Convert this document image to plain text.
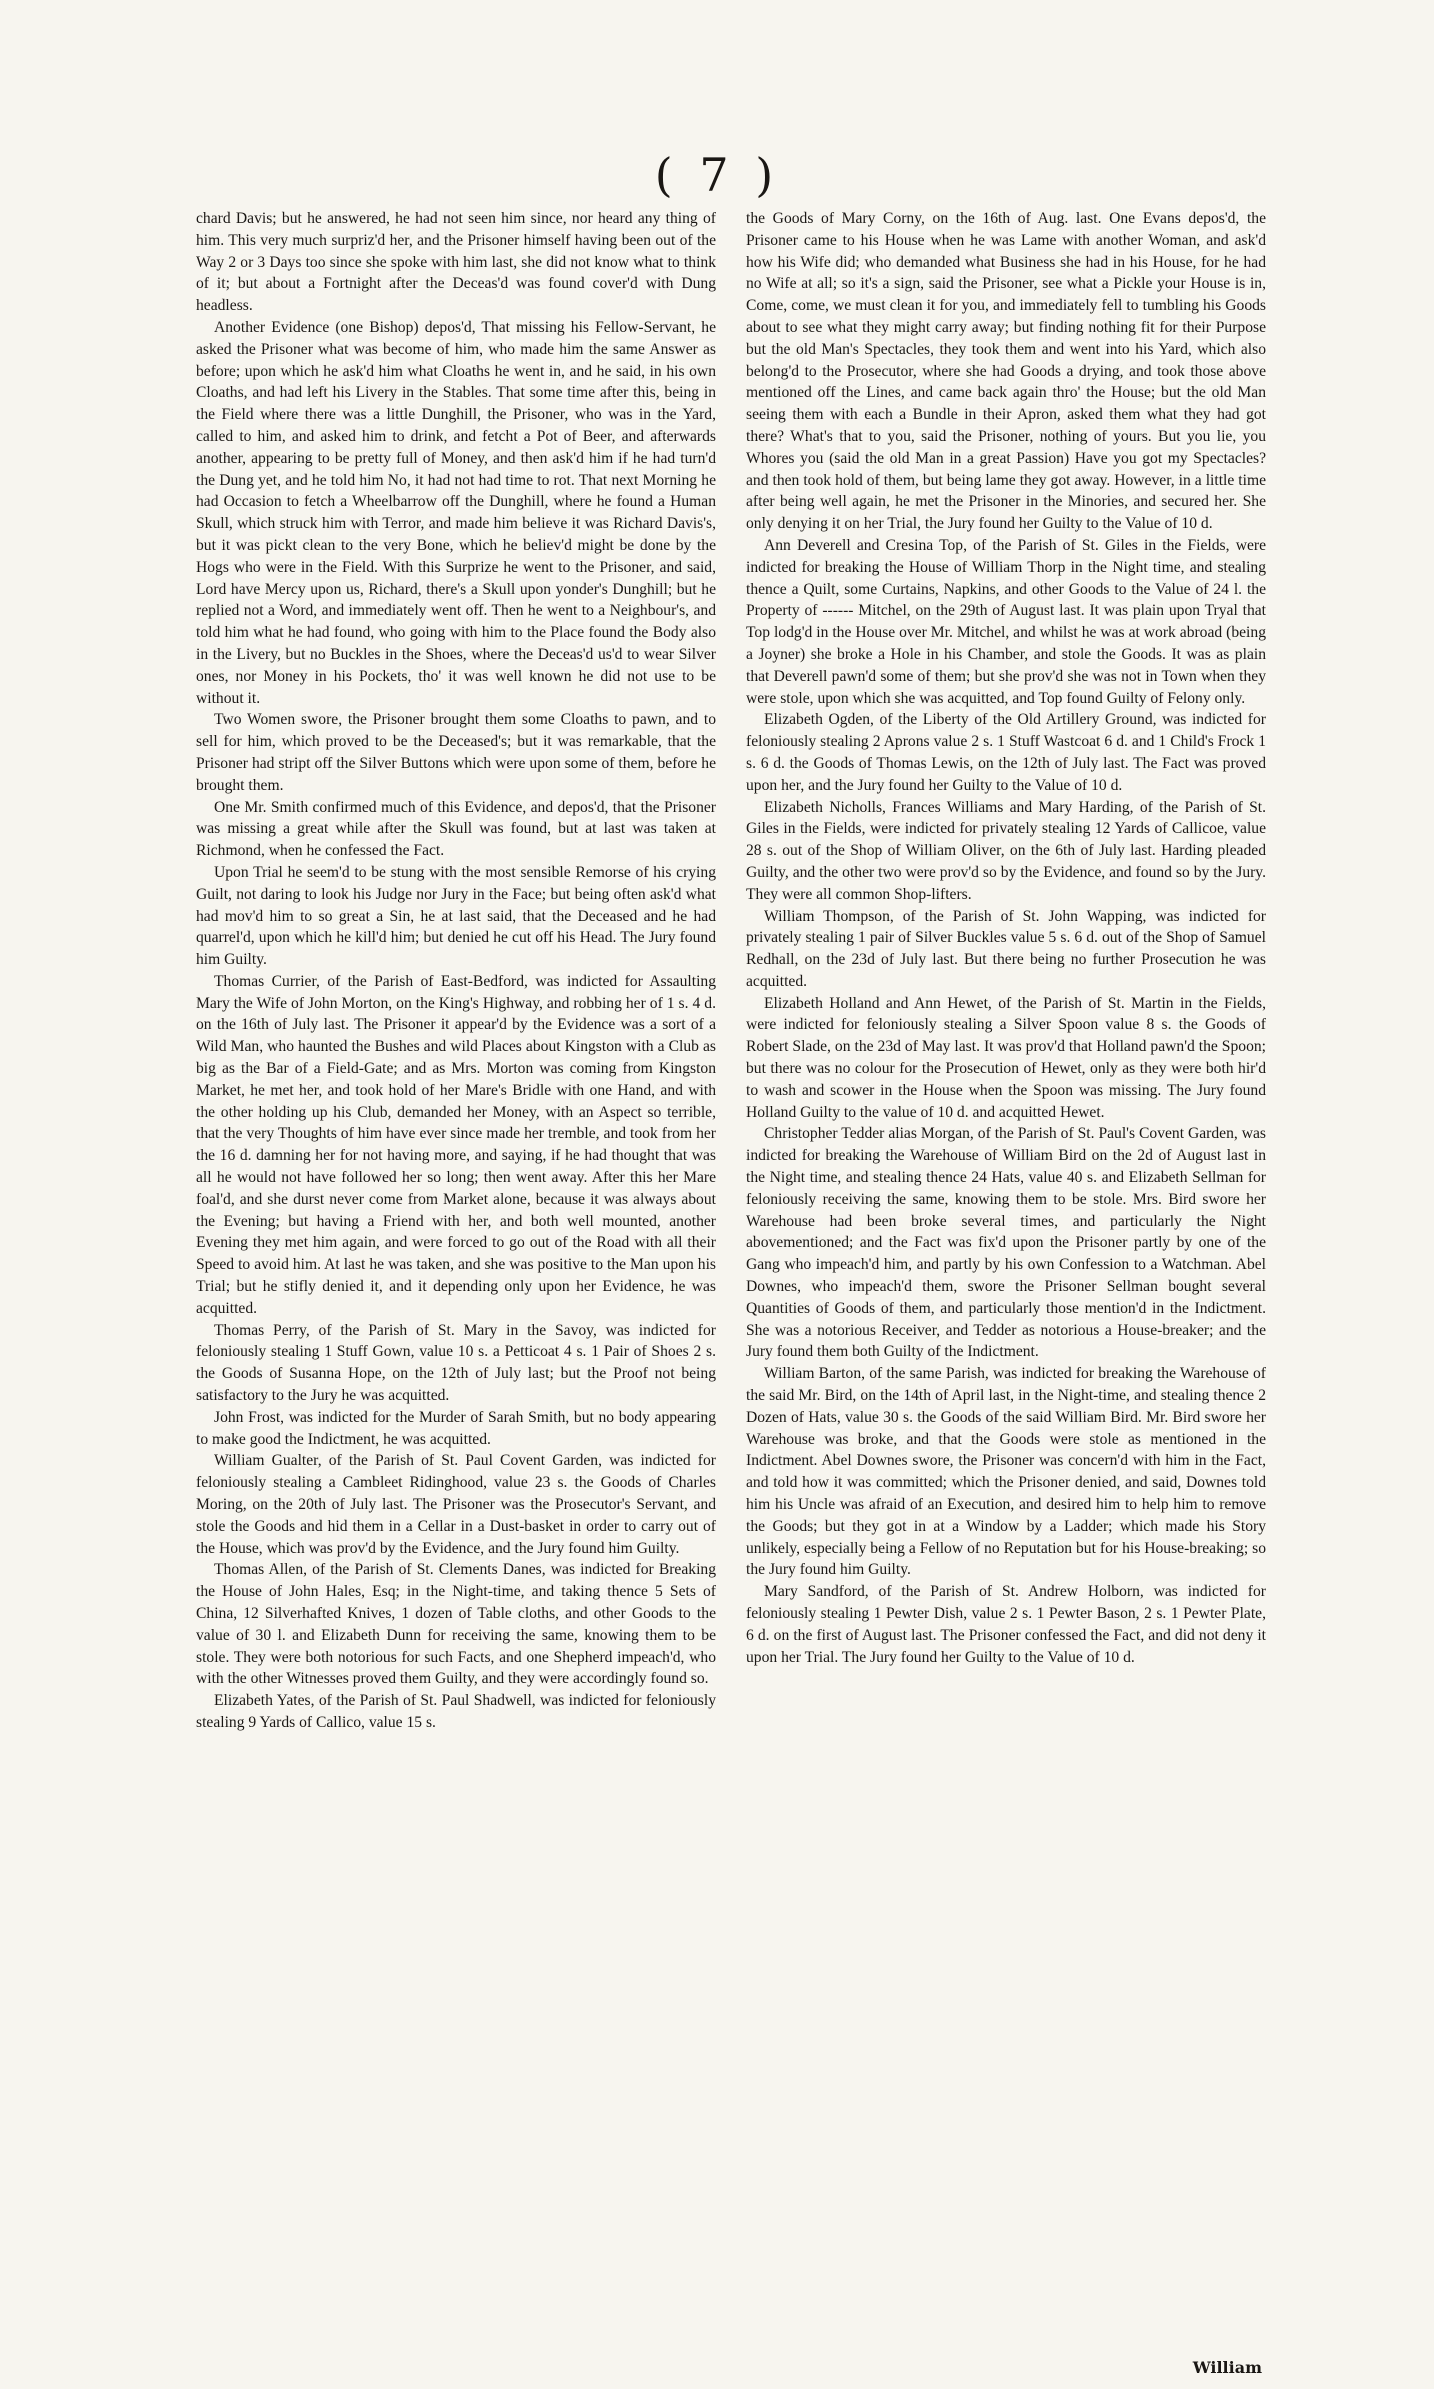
( 7 )

chard Davis; but he answered, he had not seen him since, nor heard any thing of him. This very much surpriz'd her, and the Prisoner himself having been out of the Way 2 or 3 Days too since she spoke with him last, she did not know what to think of it; but about a Fortnight after the Deceas'd was found cover'd with Dung headless.

Another Evidence (one Bishop) depos'd, That missing his Fellow-Servant, he asked the Prisoner what was become of him, who made him the same Answer as before; upon which he ask'd him what Cloaths he went in, and he said, in his own Cloaths, and had left his Livery in the Stables. That some time after this, being in the Field where there was a little Dunghill, the Prisoner, who was in the Yard, called to him, and asked him to drink, and fetcht a Pot of Beer, and afterwards another, appearing to be pretty full of Money, and then ask'd him if he had turn'd the Dung yet, and he told him No, it had not had time to rot. That next Morning he had Occasion to fetch a Wheelbarrow off the Dunghill, where he found a Human Skull, which struck him with Terror, and made him believe it was Richard Davis's, but it was pickt clean to the very Bone, which he believ'd might be done by the Hogs who were in the Field. With this Surprize he went to the Prisoner, and said, Lord have Mercy upon us, Richard, there's a Skull upon yonder's Dunghill; but he replied not a Word, and immediately went off. Then he went to a Neighbour's, and told him what he had found, who going with him to the Place found the Body also in the Livery, but no Buckles in the Shoes, where the Deceas'd us'd to wear Silver ones, nor Money in his Pockets, tho' it was well known he did not use to be without it.

Two Women swore, the Prisoner brought them some Cloaths to pawn, and to sell for him, which proved to be the Deceased's; but it was remarkable, that the Prisoner had stript off the Silver Buttons which were upon some of them, before he brought them.

One Mr. Smith confirmed much of this Evidence, and depos'd, that the Prisoner was missing a great while after the Skull was found, but at last was taken at Richmond, when he confessed the Fact.

Upon Trial he seem'd to be stung with the most sensible Remorse of his crying Guilt, not daring to look his Judge nor Jury in the Face; but being often ask'd what had mov'd him to so great a Sin, he at last said, that the Deceased and he had quarrel'd, upon which he kill'd him; but denied he cut off his Head. The Jury found him Guilty.

Thomas Currier, of the Parish of East-Bedford, was indicted for Assaulting Mary the Wife of John Morton, on the King's Highway, and robbing her of 1 s. 4 d. on the 16th of July last. The Prisoner it appear'd by the Evidence was a sort of a Wild Man, who haunted the Bushes and wild Places about Kingston with a Club as big as the Bar of a Field-Gate; and as Mrs. Morton was coming from Kingston Market, he met her, and took hold of her Mare's Bridle with one Hand, and with the other holding up his Club, demanded her Money, with an Aspect so terrible, that the very Thoughts of him have ever since made her tremble, and took from her the 16 d. damning her for not having more, and saying, if he had thought that was all he would not have followed her so long; then went away. After this her Mare foal'd, and she durst never come from Market alone, because it was always about the Evening; but having a Friend with her, and both well mounted, another Evening they met him again, and were forced to go out of the Road with all their Speed to avoid him. At last he was taken, and she was positive to the Man upon his Trial; but he stifly denied it, and it depending only upon her Evidence, he was acquitted.

Thomas Perry, of the Parish of St. Mary in the Savoy, was indicted for feloniously stealing 1 Stuff Gown, value 10 s. a Petticoat 4 s. 1 Pair of Shoes 2 s. the Goods of Susanna Hope, on the 12th of July last; but the Proof not being satisfactory to the Jury he was acquitted.

John Frost, was indicted for the Murder of Sarah Smith, but no body appearing to make good the Indictment, he was acquitted.

William Gualter, of the Parish of St. Paul Covent Garden, was indicted for feloniously stealing a Cambleet Ridinghood, value 23 s. the Goods of Charles Moring, on the 20th of July last. The Prisoner was the Prosecutor's Servant, and stole the Goods and hid them in a Cellar in a Dust-basket in order to carry out of the House, which was prov'd by the Evidence, and the Jury found him Guilty.

Thomas Allen, of the Parish of St. Clements Danes, was indicted for Breaking the House of John Hales, Esq; in the Night-time, and taking thence 5 Sets of China, 12 Silverhafted Knives, 1 dozen of Table cloths, and other Goods to the value of 30 l. and Elizabeth Dunn for receiving the same, knowing them to be stole. They were both notorious for such Facts, and one Shepherd impeach'd, who with the other Witnesses proved them Guilty, and they were accordingly found so.

Elizabeth Yates, of the Parish of St. Paul Shadwell, was indicted for feloniously stealing 9 Yards of Callico, value 15 s.

the Goods of Mary Corny, on the 16th of Aug. last. One Evans depos'd, the Prisoner came to his House when he was Lame with another Woman, and ask'd how his Wife did; who demanded what Business she had in his House, for he had no Wife at all; so it's a sign, said the Prisoner, see what a Pickle your House is in, Come, come, we must clean it for you, and immediately fell to tumbling his Goods about to see what they might carry away; but finding nothing fit for their Purpose but the old Man's Spectacles, they took them and went into his Yard, which also belong'd to the Prosecutor, where she had Goods a drying, and took those above mentioned off the Lines, and came back again thro' the House; but the old Man seeing them with each a Bundle in their Apron, asked them what they had got there? What's that to you, said the Prisoner, nothing of yours. But you lie, you Whores you (said the old Man in a great Passion) Have you got my Spectacles? and then took hold of them, but being lame they got away. However, in a little time after being well again, he met the Prisoner in the Minories, and secured her. She only denying it on her Trial, the Jury found her Guilty to the Value of 10 d.

Ann Deverell and Cresina Top, of the Parish of St. Giles in the Fields, were indicted for breaking the House of William Thorp in the Night time, and stealing thence a Quilt, some Curtains, Napkins, and other Goods to the Value of 24 l. the Property of ------ Mitchel, on the 29th of August last. It was plain upon Tryal that Top lodg'd in the House over Mr. Mitchel, and whilst he was at work abroad (being a Joyner) she broke a Hole in his Chamber, and stole the Goods. It was as plain that Deverell pawn'd some of them; but she prov'd she was not in Town when they were stole, upon which she was acquitted, and Top found Guilty of Felony only.

Elizabeth Ogden, of the Liberty of the Old Artillery Ground, was indicted for feloniously stealing 2 Aprons value 2 s. 1 Stuff Wastcoat 6 d. and 1 Child's Frock 1 s. 6 d. the Goods of Thomas Lewis, on the 12th of July last. The Fact was proved upon her, and the Jury found her Guilty to the Value of 10 d.

Elizabeth Nicholls, Frances Williams and Mary Harding, of the Parish of St. Giles in the Fields, were indicted for privately stealing 12 Yards of Callicoe, value 28 s. out of the Shop of William Oliver, on the 6th of July last. Harding pleaded Guilty, and the other two were prov'd so by the Evidence, and found so by the Jury. They were all common Shop-lifters.

William Thompson, of the Parish of St. John Wapping, was indicted for privately stealing 1 pair of Silver Buckles value 5 s. 6 d. out of the Shop of Samuel Redhall, on the 23d of July last. But there being no further Prosecution he was acquitted.

Elizabeth Holland and Ann Hewet, of the Parish of St. Martin in the Fields, were indicted for feloniously stealing a Silver Spoon value 8 s. the Goods of Robert Slade, on the 23d of May last. It was prov'd that Holland pawn'd the Spoon; but there was no colour for the Prosecution of Hewet, only as they were both hir'd to wash and scower in the House when the Spoon was missing. The Jury found Holland Guilty to the value of 10 d. and acquitted Hewet.

Christopher Tedder alias Morgan, of the Parish of St. Paul's Covent Garden, was indicted for breaking the Warehouse of William Bird on the 2d of August last in the Night time, and stealing thence 24 Hats, value 40 s. and Elizabeth Sellman for feloniously receiving the same, knowing them to be stole. Mrs. Bird swore her Warehouse had been broke several times, and particularly the Night abovementioned; and the Fact was fix'd upon the Prisoner partly by one of the Gang who impeach'd him, and partly by his own Confession to a Watchman. Abel Downes, who impeach'd them, swore the Prisoner Sellman bought several Quantities of Goods of them, and particularly those mention'd in the Indictment. She was a notorious Receiver, and Tedder as notorious a House-breaker; and the Jury found them both Guilty of the Indictment.

William Barton, of the same Parish, was indicted for breaking the Warehouse of the said Mr. Bird, on the 14th of April last, in the Night-time, and stealing thence 2 Dozen of Hats, value 30 s. the Goods of the said William Bird. Mr. Bird swore her Warehouse was broke, and that the Goods were stole as mentioned in the Indictment. Abel Downes swore, the Prisoner was concern'd with him in the Fact, and told how it was committed; which the Prisoner denied, and said, Downes told him his Uncle was afraid of an Execution, and desired him to help him to remove the Goods; but they got in at a Window by a Ladder; which made his Story unlikely, especially being a Fellow of no Reputation but for his House-breaking; so the Jury found him Guilty.

Mary Sandford, of the Parish of St. Andrew Holborn, was indicted for feloniously stealing 1 Pewter Dish, value 2 s. 1 Pewter Bason, 2 s. 1 Pewter Plate, 6 d. on the first of August last. The Prisoner confessed the Fact, and did not deny it upon her Trial. The Jury found her Guilty to the Value of 10 d.

William
